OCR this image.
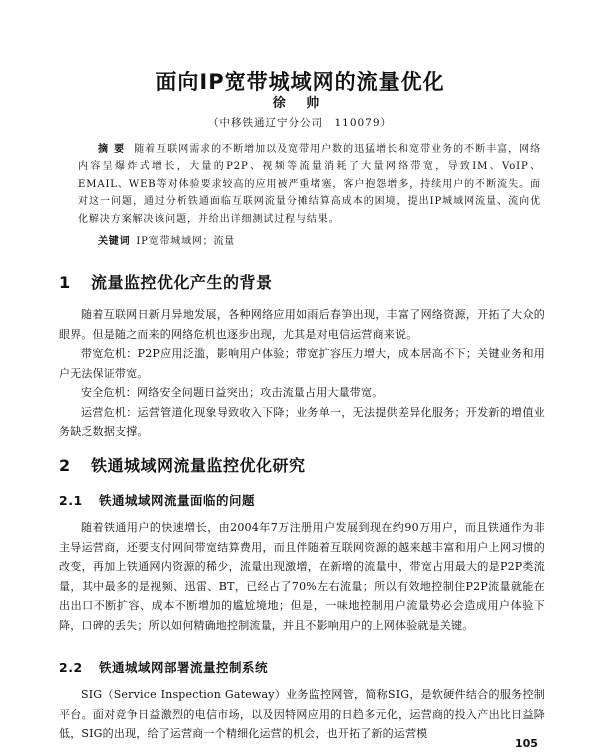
面向IP宽带城域网的流量优化
徐 帅
（中移铁通辽宁分公司　110079）
摘要 随着互联网需求的不断增加以及宽带用户数的迅猛增长和宽带业务的不断丰富，网络内容呈爆炸式增长，大量的P2P、视频等流量消耗了大量网络带宽，导致IM、VoIP、EMAIL、WEB等对体验要求较高的应用被严重堵塞，客户抱怨增多，持续用户的不断流失。面对这一问题，通过分析铁通面临互联网流量分摊结算高成本的困境，提出IP城域网流量、流向优化解决方案解决该问题，并给出详细测试过程与结果。
关键词 IP宽带城域网；流量
1 流量监控优化产生的背景

随着互联网日新月异地发展，各种网络应用如雨后春笋出现，丰富了网络资源，开拓了大众的眼界。但是随之而来的网络危机也逐步出现，尤其是对电信运营商来说。

带宽危机：P2P应用泛滥，影响用户体验；带宽扩容压力增大，成本居高不下；关键业务和用户无法保证带宽。

安全危机：网络安全问题日益突出；攻击流量占用大量带宽。

运营危机：运营管道化现象导致收入下降；业务单一，无法提供差异化服务；开发新的增值业务缺乏数据支撑。

2 铁通城域网流量监控优化研究
2.1 铁通城域网流量面临的问题

随着铁通用户的快速增长，由2004年7万注册用户发展到现在约90万用户，而且铁通作为非主导运营商，还要支付网间带宽结算费用，而且伴随着互联网资源的越来越丰富和用户上网习惯的改变，再加上铁通网内资源的稀少，流量出现激增，在新增的流量中，带宽占用最大的是P2P类流量，其中最多的是视频、迅雷、BT，已经占了70%左右流量；所以有效地控制住P2P流量就能在出出口不断扩容、成本不断增加的尴尬境地；但是，一味地控制用户流量势必会造成用户体验下降，口碑的丢失；所以如何精确地控制流量，并且不影响用户的上网体验就是关键。

2.2 铁通城域网部署流量控制系统

SIG（Service Inspection Gateway）业务监控网管，简称SIG，是软硬件结合的服务控制平台。面对竞争日益激烈的电信市场，以及因特网应用的日趋多元化，运营商的投入产出比日益降低，SIG的出现，给了运营商一个精细化运营的机会，也开拓了新的运营模

105
